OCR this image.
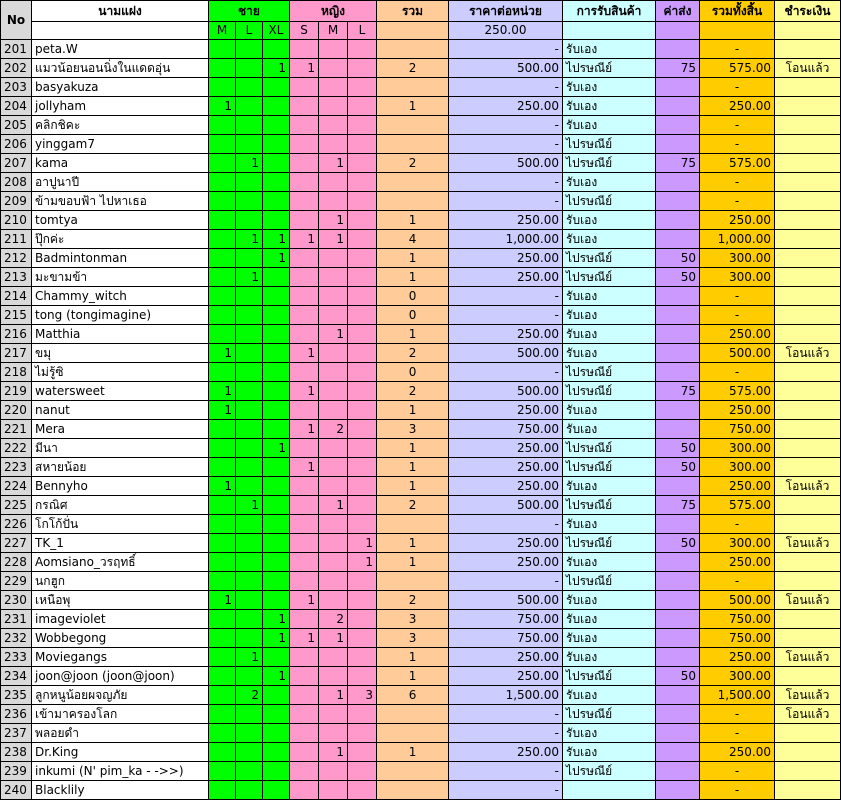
No	นามแฝง	ชาย			หญิง			รวม	ราคาต่อหน่วย	การรับสินค้า	ค่าส่ง	รวมทั้งสิ้น	ชำระเงิน
		M	L	XL	S	M	L		250.00				
201	peta.W								-	รับเอง		-	
202	แมวน้อยนอนนิ่งในแดดอุ่น			1	1			2	500.00	ไปรษณีย์	75	575.00	โอนแล้ว
203	basyakuza								-	รับเอง		-	
204	jollyham	1						1	250.00	รับเอง		250.00	
205	คลิกชิคะ								-	รับเอง		-	
206	yinggam7								-	ไปรษณีย์		-	
207	kama		1			1		2	500.00	ไปรษณีย์	75	575.00	
208	อาปูนาปี								-	รับเอง		-	
209	ข้ามขอบฟ้า ไปหาเธอ								-	ไปรษณีย์		-	
210	tomtya					1		1	250.00	รับเอง		250.00	
211	ปุ๊กค่ะ		1	1	1	1		4	1,000.00	รับเอง		1,000.00	
212	Badmintonman			1				1	250.00	ไปรษณีย์	50	300.00	
213	มะขามข้า		1					1	250.00	ไปรษณีย์	50	300.00	
214	Chammy_witch							0	-	รับเอง		-	
215	tong (tongimagine)							0	-	รับเอง		-	
216	Matthia					1		1	250.00	รับเอง		250.00	
217	ขมุ	1			1			2	500.00	รับเอง		500.00	โอนแล้ว
218	ไม่รู้ซิ							0	-	ไปรษณีย์		-	
219	watersweet	1			1			2	500.00	ไปรษณีย์	75	575.00	
220	nanut	1						1	250.00	รับเอง		250.00	
221	Mera				1	2		3	750.00	รับเอง		750.00	
222	มีนา			1				1	250.00	ไปรษณีย์	50	300.00	
223	สหายน้อย				1			1	250.00	ไปรษณีย์	50	300.00	
224	Bennyho	1						1	250.00	รับเอง		250.00	โอนแล้ว
225	กรณิศ		1			1		2	500.00	ไปรษณีย์	75	575.00	
226	โกโก้ปั่น								-	รับเอง		-	
227	TK_1						1	1	250.00	ไปรษณีย์	50	300.00	โอนแล้ว
228	Aomsiano_วรฤทธิ์						1	1	250.00	รับเอง		250.00	
229	นกฮูก								-	ไปรษณีย์		-	
230	เหนือพุ	1			1			2	500.00	รับเอง		500.00	โอนแล้ว
231	imageviolet			1		2		3	750.00	รับเอง		750.00	
232	Wobbegong			1	1	1		3	750.00	รับเอง		750.00	
233	Moviegangs		1					1	250.00	รับเอง		250.00	โอนแล้ว
234	joon@joon (joon@joon)			1				1	250.00	ไปรษณีย์	50	300.00	
235	ลูกหนูน้อยผจญภัย		2			1	3	6	1,500.00	รับเอง		1,500.00	โอนแล้ว
236	เข้ามาครองโลก								-	ไปรษณีย์		-	โอนแล้ว
237	พลอยดำ								-	รับเอง		-	
238	Dr.King					1		1	250.00	รับเอง		250.00	
239	inkumi (N' pim_ka - ->>)								-	ไปรษณีย์		-	
240	Blacklily								-			-	
